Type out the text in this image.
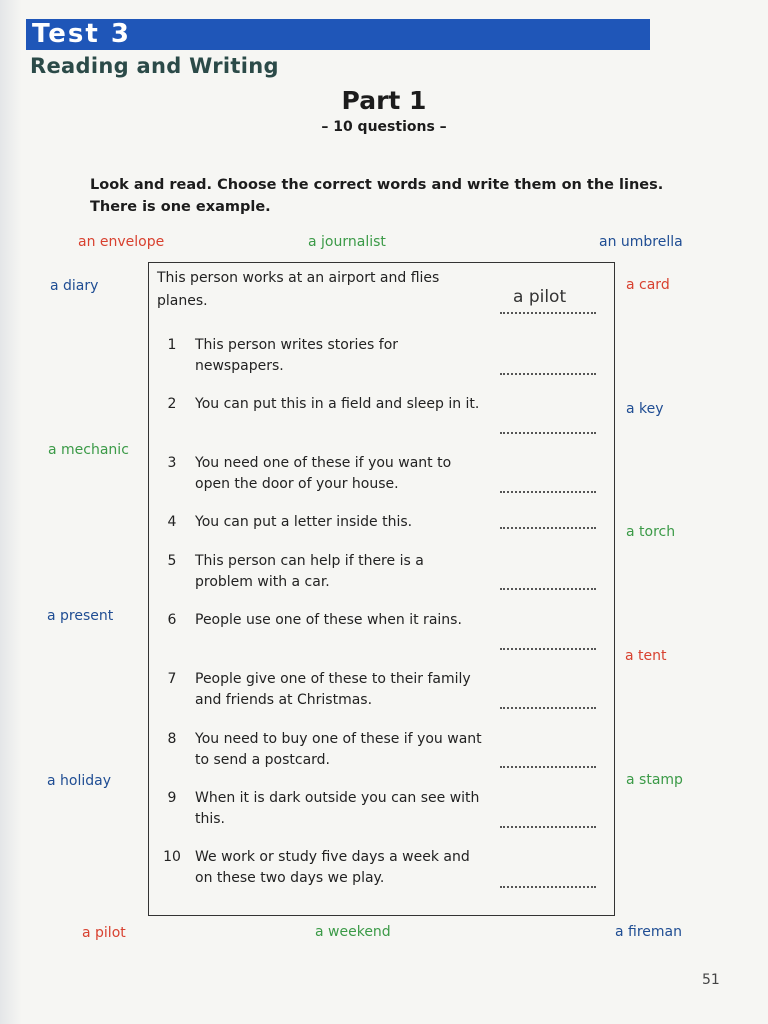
Test 3
Reading and Writing
Part 1
– 10 questions –
Look and read. Choose the correct words and write them on the lines. There is one example.
an envelope	a journalist	an umbrella
a diary	a card
a key
a mechanic
a torch
a present
a tent
a holiday	a stamp
a pilot	a weekend	a fireman
This person works at an airport and flies planes.	a pilot
1	This person writes stories for newspapers.
2	You can put this in a field and sleep in it.
3	You need one of these if you want to open the door of your house.
4	You can put a letter inside this.
5	This person can help if there is a problem with a car.
6	People use one of these when it rains.
7	People give one of these to their family and friends at Christmas.
8	You need to buy one of these if you want to send a postcard.
9	When it is dark outside you can see with this.
10 We work or study five days a week and on these two days we play.
51
